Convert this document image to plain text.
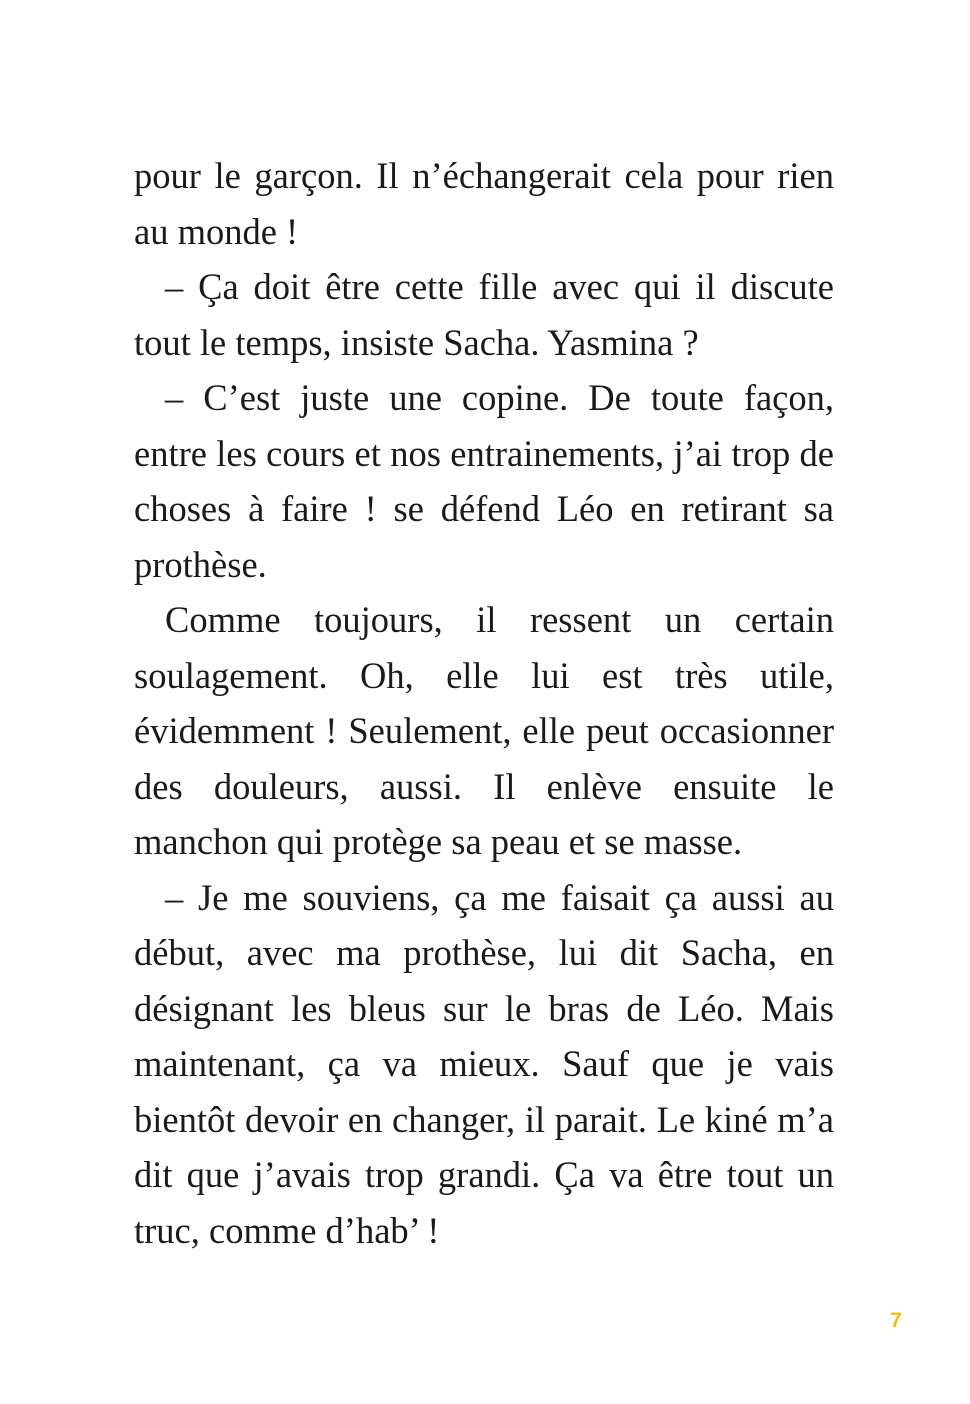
pour le garçon. Il n’échangerait cela pour rien au monde !

– Ça doit être cette fille avec qui il discute tout le temps, insiste Sacha. Yasmina ?

– C’est juste une copine. De toute façon, entre les cours et nos entrainements, j’ai trop de choses à faire ! se défend Léo en retirant sa prothèse.

Comme toujours, il ressent un certain soulagement. Oh, elle lui est très utile, évidemment ! Seulement, elle peut occasionner des douleurs, aussi. Il enlève ensuite le manchon qui protège sa peau et se masse.

– Je me souviens, ça me faisait ça aussi au début, avec ma prothèse, lui dit Sacha, en désignant les bleus sur le bras de Léo. Mais maintenant, ça va mieux. Sauf que je vais bientôt devoir en changer, il parait. Le kiné m’a dit que j’avais trop grandi. Ça va être tout un truc, comme d’hab’ !

7
